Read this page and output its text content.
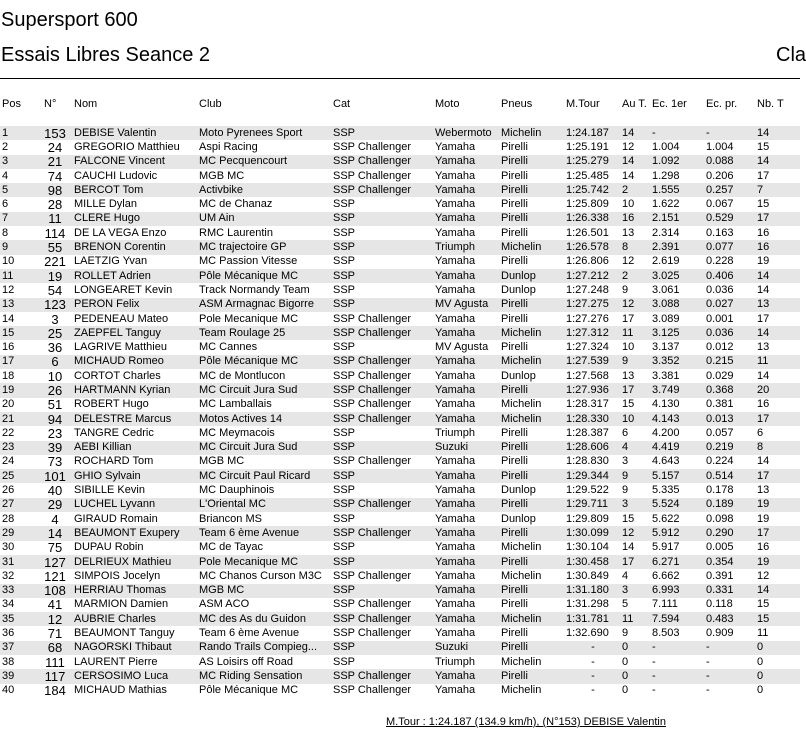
Supersport 600
Essais Libres Seance 2	Cla
Pos	N°	Nom	Club	Cat	Moto	Pneus	M.Tour	Au T.	Ec. 1er	Ec. pr.	Nb. T

1	153	DEBISE Valentin	Moto Pyrenees Sport	SSP	Webermoto	Michelin	1:24.187	14	-	-	14
2	24	GREGORIO Matthieu	Aspi Racing	SSP Challenger	Yamaha	Pirelli	1:25.191	12	1.004	1.004	15
3	21	FALCONE Vincent	MC Pecquencourt	SSP Challenger	Yamaha	Pirelli	1:25.279	14	1.092	0.088	14
4	74	CAUCHI Ludovic	MGB MC	SSP Challenger	Yamaha	Pirelli	1:25.485	14	1.298	0.206	17
5	98	BERCOT Tom	Activbike	SSP Challenger	Yamaha	Pirelli	1:25.742	2	1.555	0.257	7
6	28	MILLE Dylan	MC de Chanaz	SSP	Yamaha	Pirelli	1:25.809	10	1.622	0.067	15
7	11	CLERE Hugo	UM Ain	SSP	Yamaha	Pirelli	1:26.338	16	2.151	0.529	17
8	114	DE LA VEGA Enzo	RMC Laurentin	SSP	Yamaha	Pirelli	1:26.501	13	2.314	0.163	16
9	55	BRENON Corentin	MC trajectoire GP	SSP	Triumph	Michelin	1:26.578	8	2.391	0.077	16
10	221	LAETZIG Yvan	MC Passion Vitesse	SSP	Yamaha	Pirelli	1:26.806	12	2.619	0.228	19
11	19	ROLLET Adrien	Pôle Mécanique MC	SSP	Yamaha	Dunlop	1:27.212	2	3.025	0.406	14
12	54	LONGEARET Kevin	Track Normandy Team	SSP	Yamaha	Dunlop	1:27.248	9	3.061	0.036	14
13	123	PERON Felix	ASM Armagnac Bigorre	SSP	MV Agusta	Pirelli	1:27.275	12	3.088	0.027	13
14	3	PEDENEAU Mateo	Pole Mecanique MC	SSP Challenger	Yamaha	Pirelli	1:27.276	17	3.089	0.001	17
15	25	ZAEPFEL Tanguy	Team Roulage 25	SSP Challenger	Yamaha	Michelin	1:27.312	11	3.125	0.036	14
16	36	LAGRIVE Matthieu	MC Cannes	SSP	MV Agusta	Pirelli	1:27.324	10	3.137	0.012	13
17	6	MICHAUD Romeo	Pôle Mécanique MC	SSP Challenger	Yamaha	Michelin	1:27.539	9	3.352	0.215	11
18	10	CORTOT Charles	MC de Montlucon	SSP Challenger	Yamaha	Dunlop	1:27.568	13	3.381	0.029	14
19	26	HARTMANN Kyrian	MC Circuit Jura Sud	SSP Challenger	Yamaha	Pirelli	1:27.936	17	3.749	0.368	20
20	51	ROBERT Hugo	MC Lamballais	SSP Challenger	Yamaha	Michelin	1:28.317	15	4.130	0.381	16
21	94	DELESTRE Marcus	Motos Actives 14	SSP Challenger	Yamaha	Michelin	1:28.330	10	4.143	0.013	17
22	23	TANGRE Cedric	MC Meymacois	SSP	Triumph	Pirelli	1:28.387	6	4.200	0.057	6
23	39	AEBI Killian	MC Circuit Jura Sud	SSP	Suzuki	Pirelli	1:28.606	4	4.419	0.219	8
24	73	ROCHARD Tom	MGB MC	SSP Challenger	Yamaha	Pirelli	1:28.830	3	4.643	0.224	14
25	101	GHIO Sylvain	MC Circuit Paul Ricard	SSP	Yamaha	Pirelli	1:29.344	9	5.157	0.514	17
26	40	SIBILLE Kevin	MC Dauphinois	SSP	Yamaha	Dunlop	1:29.522	9	5.335	0.178	13
27	29	LUCHEL Lyvann	L'Oriental MC	SSP Challenger	Yamaha	Pirelli	1:29.711	3	5.524	0.189	19
28	4	GIRAUD Romain	Briancon MS	SSP	Yamaha	Dunlop	1:29.809	15	5.622	0.098	19
29	14	BEAUMONT Exupery	Team 6 ème Avenue	SSP Challenger	Yamaha	Pirelli	1:30.099	12	5.912	0.290	17
30	75	DUPAU Robin	MC de Tayac	SSP	Yamaha	Michelin	1:30.104	14	5.917	0.005	16
31	127	DELRIEUX Mathieu	Pole Mecanique MC	SSP	Yamaha	Pirelli	1:30.458	17	6.271	0.354	19
32	121	SIMPOIS Jocelyn	MC Chanos Curson M3C	SSP Challenger	Yamaha	Michelin	1:30.849	4	6.662	0.391	12
33	108	HERRIAU Thomas	MGB MC	SSP	Yamaha	Pirelli	1:31.180	3	6.993	0.331	14
34	41	MARMION Damien	ASM ACO	SSP Challenger	Yamaha	Pirelli	1:31.298	5	7.111	0.118	15
35	12	AUBRIE Charles	MC des As du Guidon	SSP Challenger	Yamaha	Michelin	1:31.781	11	7.594	0.483	15
36	71	BEAUMONT Tanguy	Team 6 ème Avenue	SSP Challenger	Yamaha	Pirelli	1:32.690	9	8.503	0.909	11
37	68	NAGORSKI Thibaut	Rando Trails Compieg...	SSP	Suzuki	Pirelli	-	0	-	-	0
38	111	LAURENT Pierre	AS Loisirs off Road	SSP	Triumph	Michelin	-	0	-	-	0
39	117	CERSOSIMO Luca	MC Riding Sensation	SSP Challenger	Yamaha	Pirelli	-	0	-	-	0
40	184	MICHAUD Mathias	Pôle Mécanique MC	SSP Challenger	Yamaha	Michelin	-	0	-	-	0
M.Tour : 1:24.187 (134.9 km/h), (N°153) DEBISE Valentin
